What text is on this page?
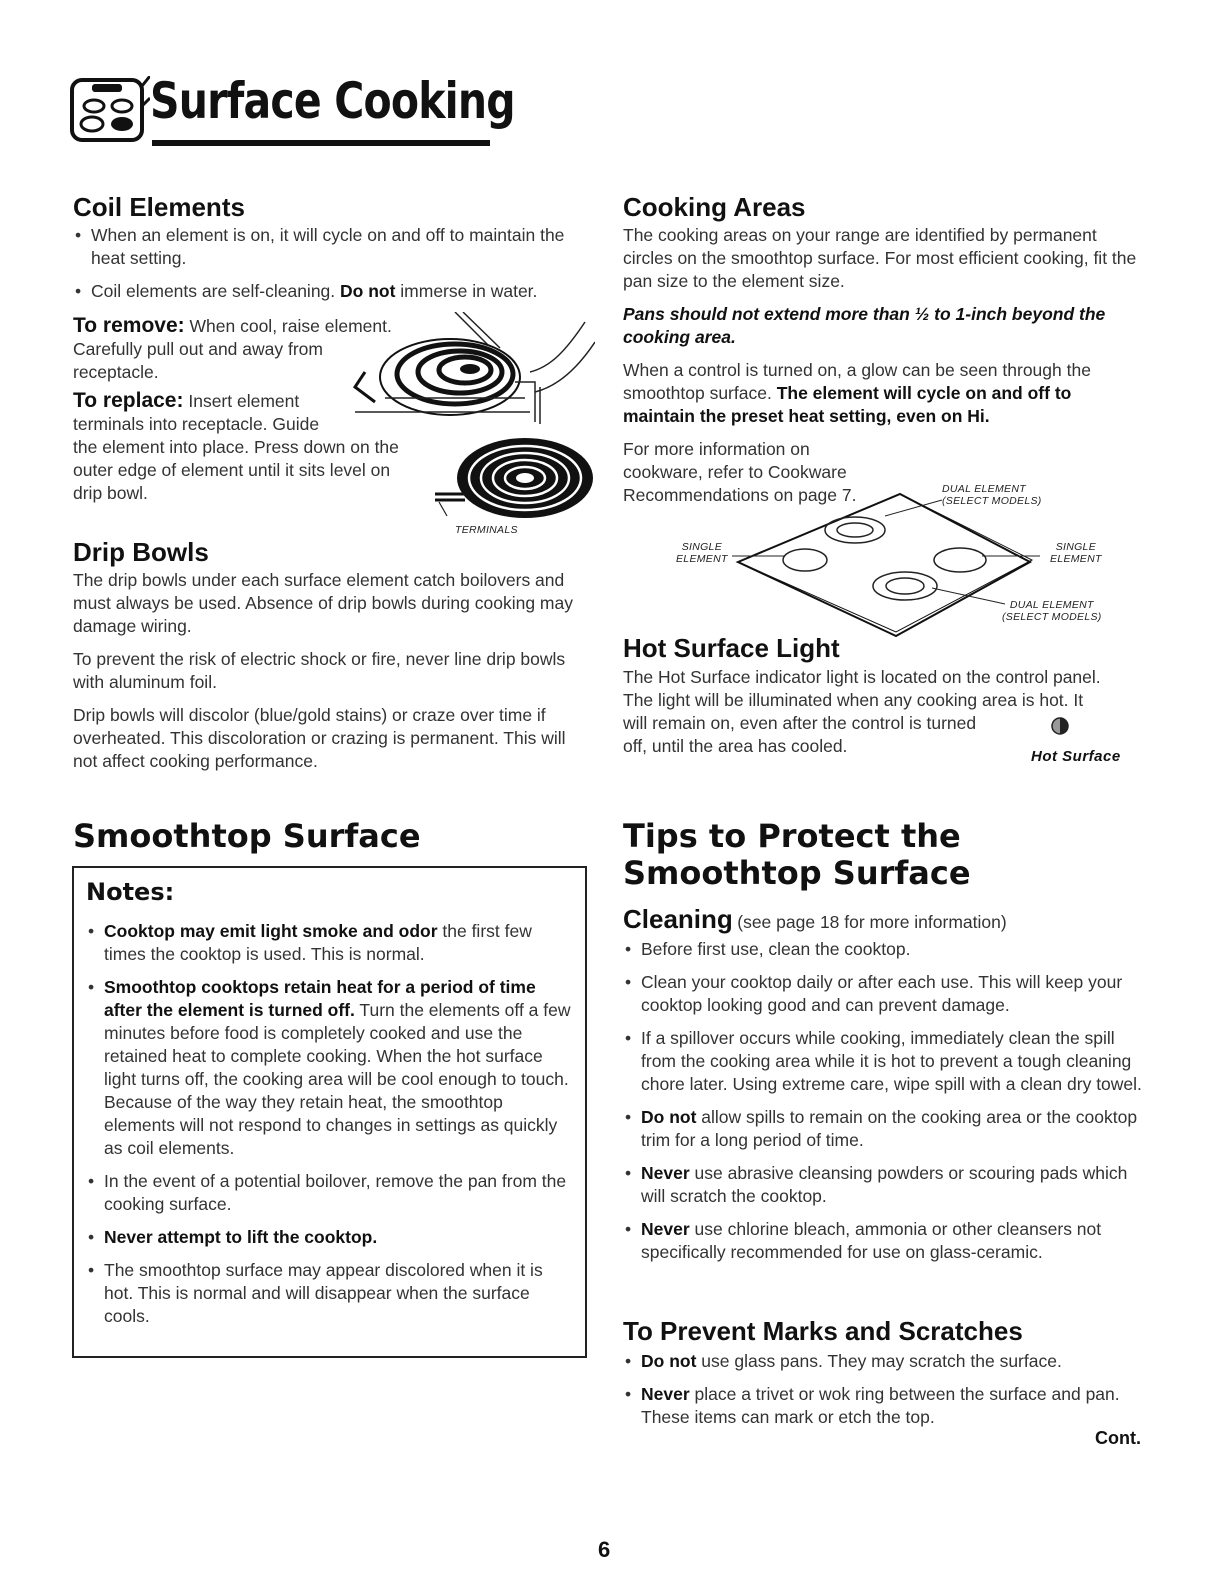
Surface Cooking
Coil Elements
• When an element is on, it will cycle on and off to maintain the heat setting.
• Coil elements are self-cleaning. Do not immerse in water.
To remove: When cool, raise element.
Carefully pull out and away from receptacle.
To replace: Insert element
terminals into receptacle. Guide
the element into place. Press down on the
outer edge of element until it sits level on
drip bowl.
TERMINALS
Drip Bowls

The drip bowls under each surface element catch boilovers and must always be used. Absence of drip bowls during cooking may damage wiring.

To prevent the risk of electric shock or fire, never line drip bowls with aluminum foil.

Drip bowls will discolor (blue/gold stains) or craze over time if overheated. This discoloration or crazing is permanent. This will not affect cooking performance.

Cooking Areas

The cooking areas on your range are identified by permanent circles on the smoothtop surface. For most efficient cooking, fit the pan size to the element size.

Pans should not extend more than ½ to 1-inch beyond the cooking area.

When a control is turned on, a glow can be seen through the smoothtop surface. The element will cycle on and off to maintain the preset heat setting, even on Hi.

For more information on cookware, refer to Cookware Recommendations on page 7.	DUAL ELEMENT
(SELECT MODELS)
SINGLE
ELEMENT
SINGLE
ELEMENT
DUAL ELEMENT
(SELECT MODELS)
Hot Surface Light
The Hot Surface indicator light is located on the control panel.
The light will be illuminated when any cooking area is hot. It
will remain on, even after the control is turned
off, until the area has cooled.
Hot Surface
Smoothtop Surface
Notes:
• Cooktop may emit light smoke and odor the first few times the cooktop is used. This is normal.
• Smoothtop cooktops retain heat for a period of time after the element is turned off. Turn the elements off a few minutes before food is completely cooked and use the retained heat to complete cooking. When the hot surface light turns off, the cooking area will be cool enough to touch. Because of the way they retain heat, the smoothtop elements will not respond to changes in settings as quickly as coil elements.
• In the event of a potential boilover, remove the pan from the cooking surface.
• Never attempt to lift the cooktop.
• The smoothtop surface may appear discolored when it is hot. This is normal and will disappear when the surface cools.
Tips to Protect the
Smoothtop Surface
Cleaning (see page 18 for more information)
• Before first use, clean the cooktop.
• Clean your cooktop daily or after each use. This will keep your cooktop looking good and can prevent damage.
• If a spillover occurs while cooking, immediately clean the spill from the cooking area while it is hot to prevent a tough cleaning chore later. Using extreme care, wipe spill with a clean dry towel.
• Do not allow spills to remain on the cooking area or the cooktop trim for a long period of time.
• Never use abrasive cleansing powders or scouring pads which will scratch the cooktop.
• Never use chlorine bleach, ammonia or other cleansers not specifically recommended for use on glass-ceramic.
To Prevent Marks and Scratches
• Do not use glass pans. They may scratch the surface.
• Never place a trivet or wok ring between the surface and pan. These items can mark or etch the top.
Cont.
6
